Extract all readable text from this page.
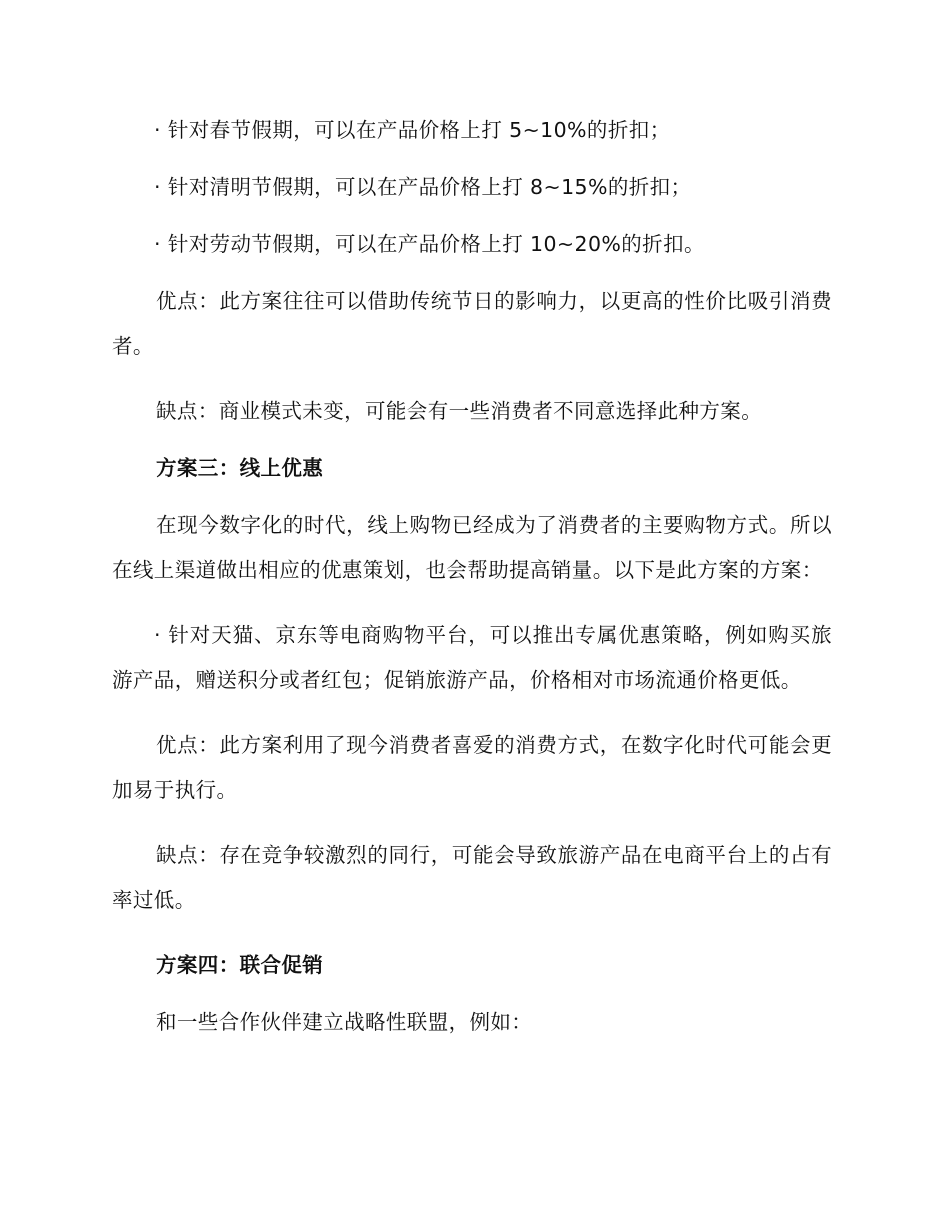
· 针对春节假期，可以在产品价格上打 5~10%的折扣；

· 针对清明节假期，可以在产品价格上打 8~15%的折扣；

· 针对劳动节假期，可以在产品价格上打 10~20%的折扣。

优点：此方案往往可以借助传统节日的影响力，以更高的性价比吸引消费者。

缺点：商业模式未变，可能会有一些消费者不同意选择此种方案。

方案三：线上优惠

在现今数字化的时代，线上购物已经成为了消费者的主要购物方式。所以在线上渠道做出相应的优惠策划，也会帮助提高销量。以下是此方案的方案：

· 针对天猫、京东等电商购物平台，可以推出专属优惠策略，例如购买旅游产品，赠送积分或者红包；促销旅游产品，价格相对市场流通价格更低。

优点：此方案利用了现今消费者喜爱的消费方式，在数字化时代可能会更加易于执行。

缺点：存在竞争较激烈的同行，可能会导致旅游产品在电商平台上的占有率过低。

方案四：联合促销

和一些合作伙伴建立战略性联盟，例如：
